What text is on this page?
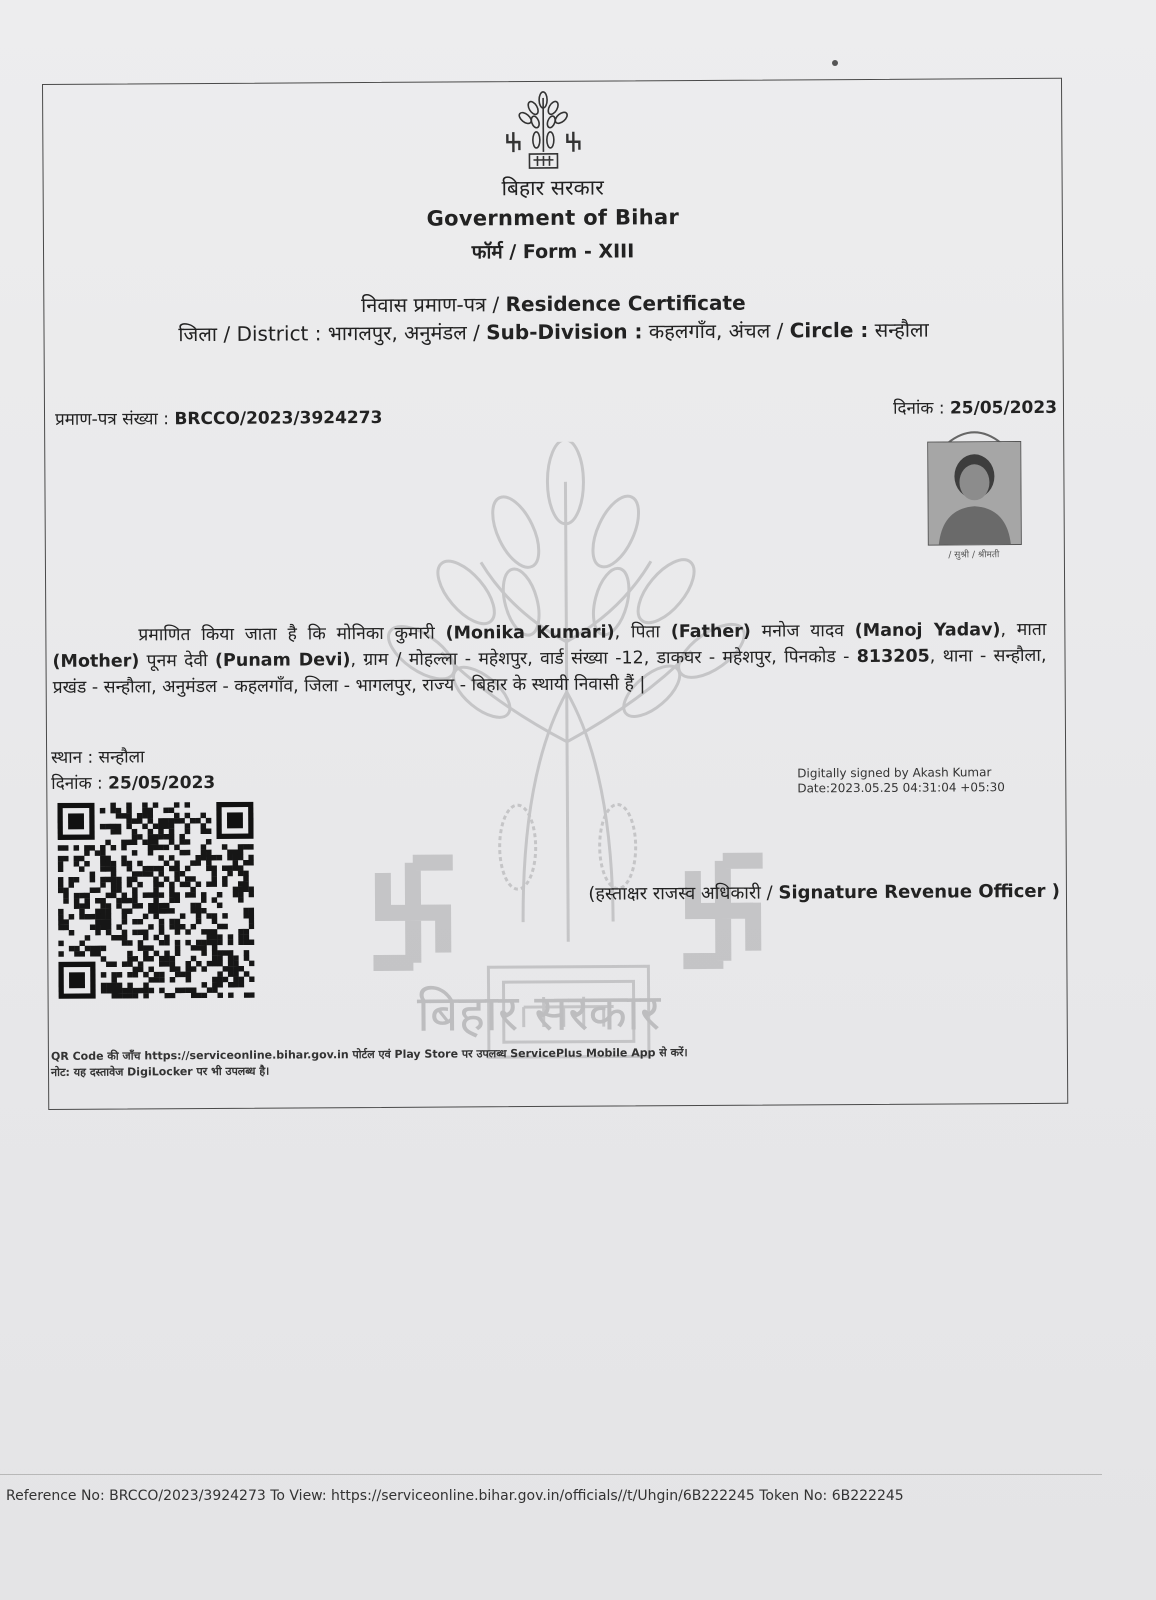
बिहार सरकार
Government of Bihar
फॉर्म / Form - XIII
निवास प्रमाण-पत्र / Residence Certificate
जिला / District : भागलपुर, अनुमंडल / Sub-Division : कहलगाँव, अंचल / Circle : सन्हौला
प्रमाण-पत्र संख्या : BRCCO/2023/3924273	दिनांक : 25/05/2023
/ सुश्री / श्रीमती
प्रमाणित किया जाता है कि मोनिका कुमारी (Monika Kumari), पिता (Father) मनोज यादव (Manoj Yadav), माता (Mother) पूनम देवी (Punam Devi), ग्राम / मोहल्ला - महेशपुर, वार्ड संख्या -12, डाकघर - महेशपुर, पिनकोड - 813205, थाना - सन्हौला, प्रखंड - सन्हौला, अनुमंडल - कहलगाँव, जिला - भागलपुर, राज्य - बिहार के स्थायी निवासी हैं |
स्थान : सन्हौला
दिनांक : 25/05/2023
Digitally signed by Akash Kumar
Date:2023.05.25 04:31:04 +05:30
(हस्ताक्षर राजस्व अधिकारी / Signature Revenue Officer )
QR Code की जाँच https://serviceonline.bihar.gov.in पोर्टल एवं Play Store पर उपलब्ध ServicePlus Mobile App से करें।
नोट: यह दस्तावेज DigiLocker पर भी उपलब्ध है।
बिहार सरकार
Reference No: BRCCO/2023/3924273 To View: https://serviceonline.bihar.gov.in/officials//t/Uhgin/6B222245 Token No: 6B222245
